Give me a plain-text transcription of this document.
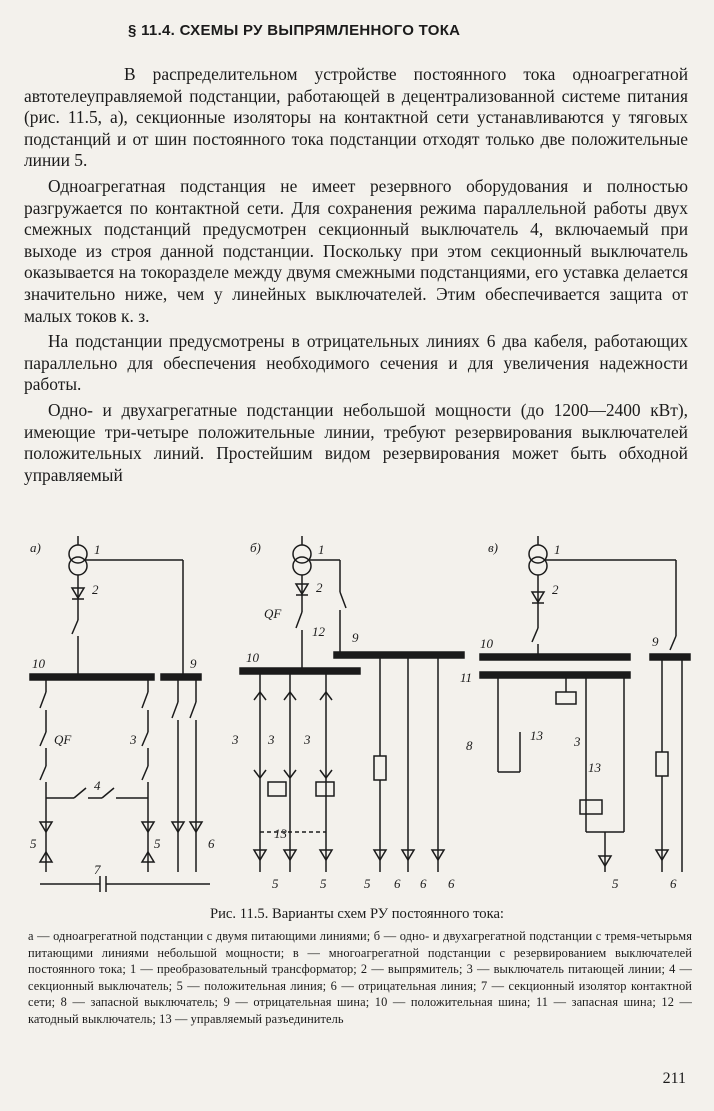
§ 11.4. СХЕМЫ РУ ВЫПРЯМЛЕННОГО ТОКА

В распределительном устройстве постоянного тока одноагрегатной автотелеуправляемой подстанции, работающей в децентрализованной системе питания (рис. 11.5, а), секционные изоляторы на контактной сети устанавливаются у тяговых подстанций и от шин постоянного тока подстанции отходят только две положительные линии 5.

Одноагрегатная подстанция не имеет резервного оборудования и полностью разгружается по контактной сети. Для сохранения режима параллельной работы двух смежных подстанций предусмотрен секционный выключатель 4, включаемый при выходе из строя данной подстанции. Поскольку при этом секционный выключатель оказывается на токоразделе между двумя смежными подстанциями, его уставка делается значительно ниже, чем у линейных выключателей. Этим обеспечивается защита от малых токов к. з.

На подстанции предусмотрены в отрицательных линиях 6 два кабеля, работающих параллельно для обеспечения необходимого сечения и для увеличения надежности работы.

Одно- и двухагрегатные подстанции небольшой мощности (до 1200—2400 кВт), имеющие три-четыре положительные линии, требуют резервирования выключателей положительных линий. Простейшим видом резервирования может быть обходной управляемый

а)	б)	в)
1
2
10	9
QF	3
4
5	5	6
7
1
2
QF
12 9
10
3 3 3
13
5	5	5 6 6 6
1
2
9
10
11
8
13 3
13
5	6
Рис. 11.5. Варианты схем РУ постоянного тока:
а — одноагрегатной подстанции с двумя питающими линиями; б — одно- и двухагрегатной подстанции с тремя-четырьмя питающими линиями небольшой мощности; в — многоагрегатной подстанции с резервированием выключателей постоянного тока; 1 — преобразовательный трансформатор; 2 — выпрямитель; 3 — выключатель питающей линии; 4 — секционный выключатель; 5 — положительная линия; 6 — отрицательная линия; 7 — секционный изолятор контактной сети; 8 — запасной выключатель; 9 — отрицательная шина; 10 — положительная шина; 11 — запасная шина; 12 — катодный выключатель; 13 — управляемый разъединитель
211
